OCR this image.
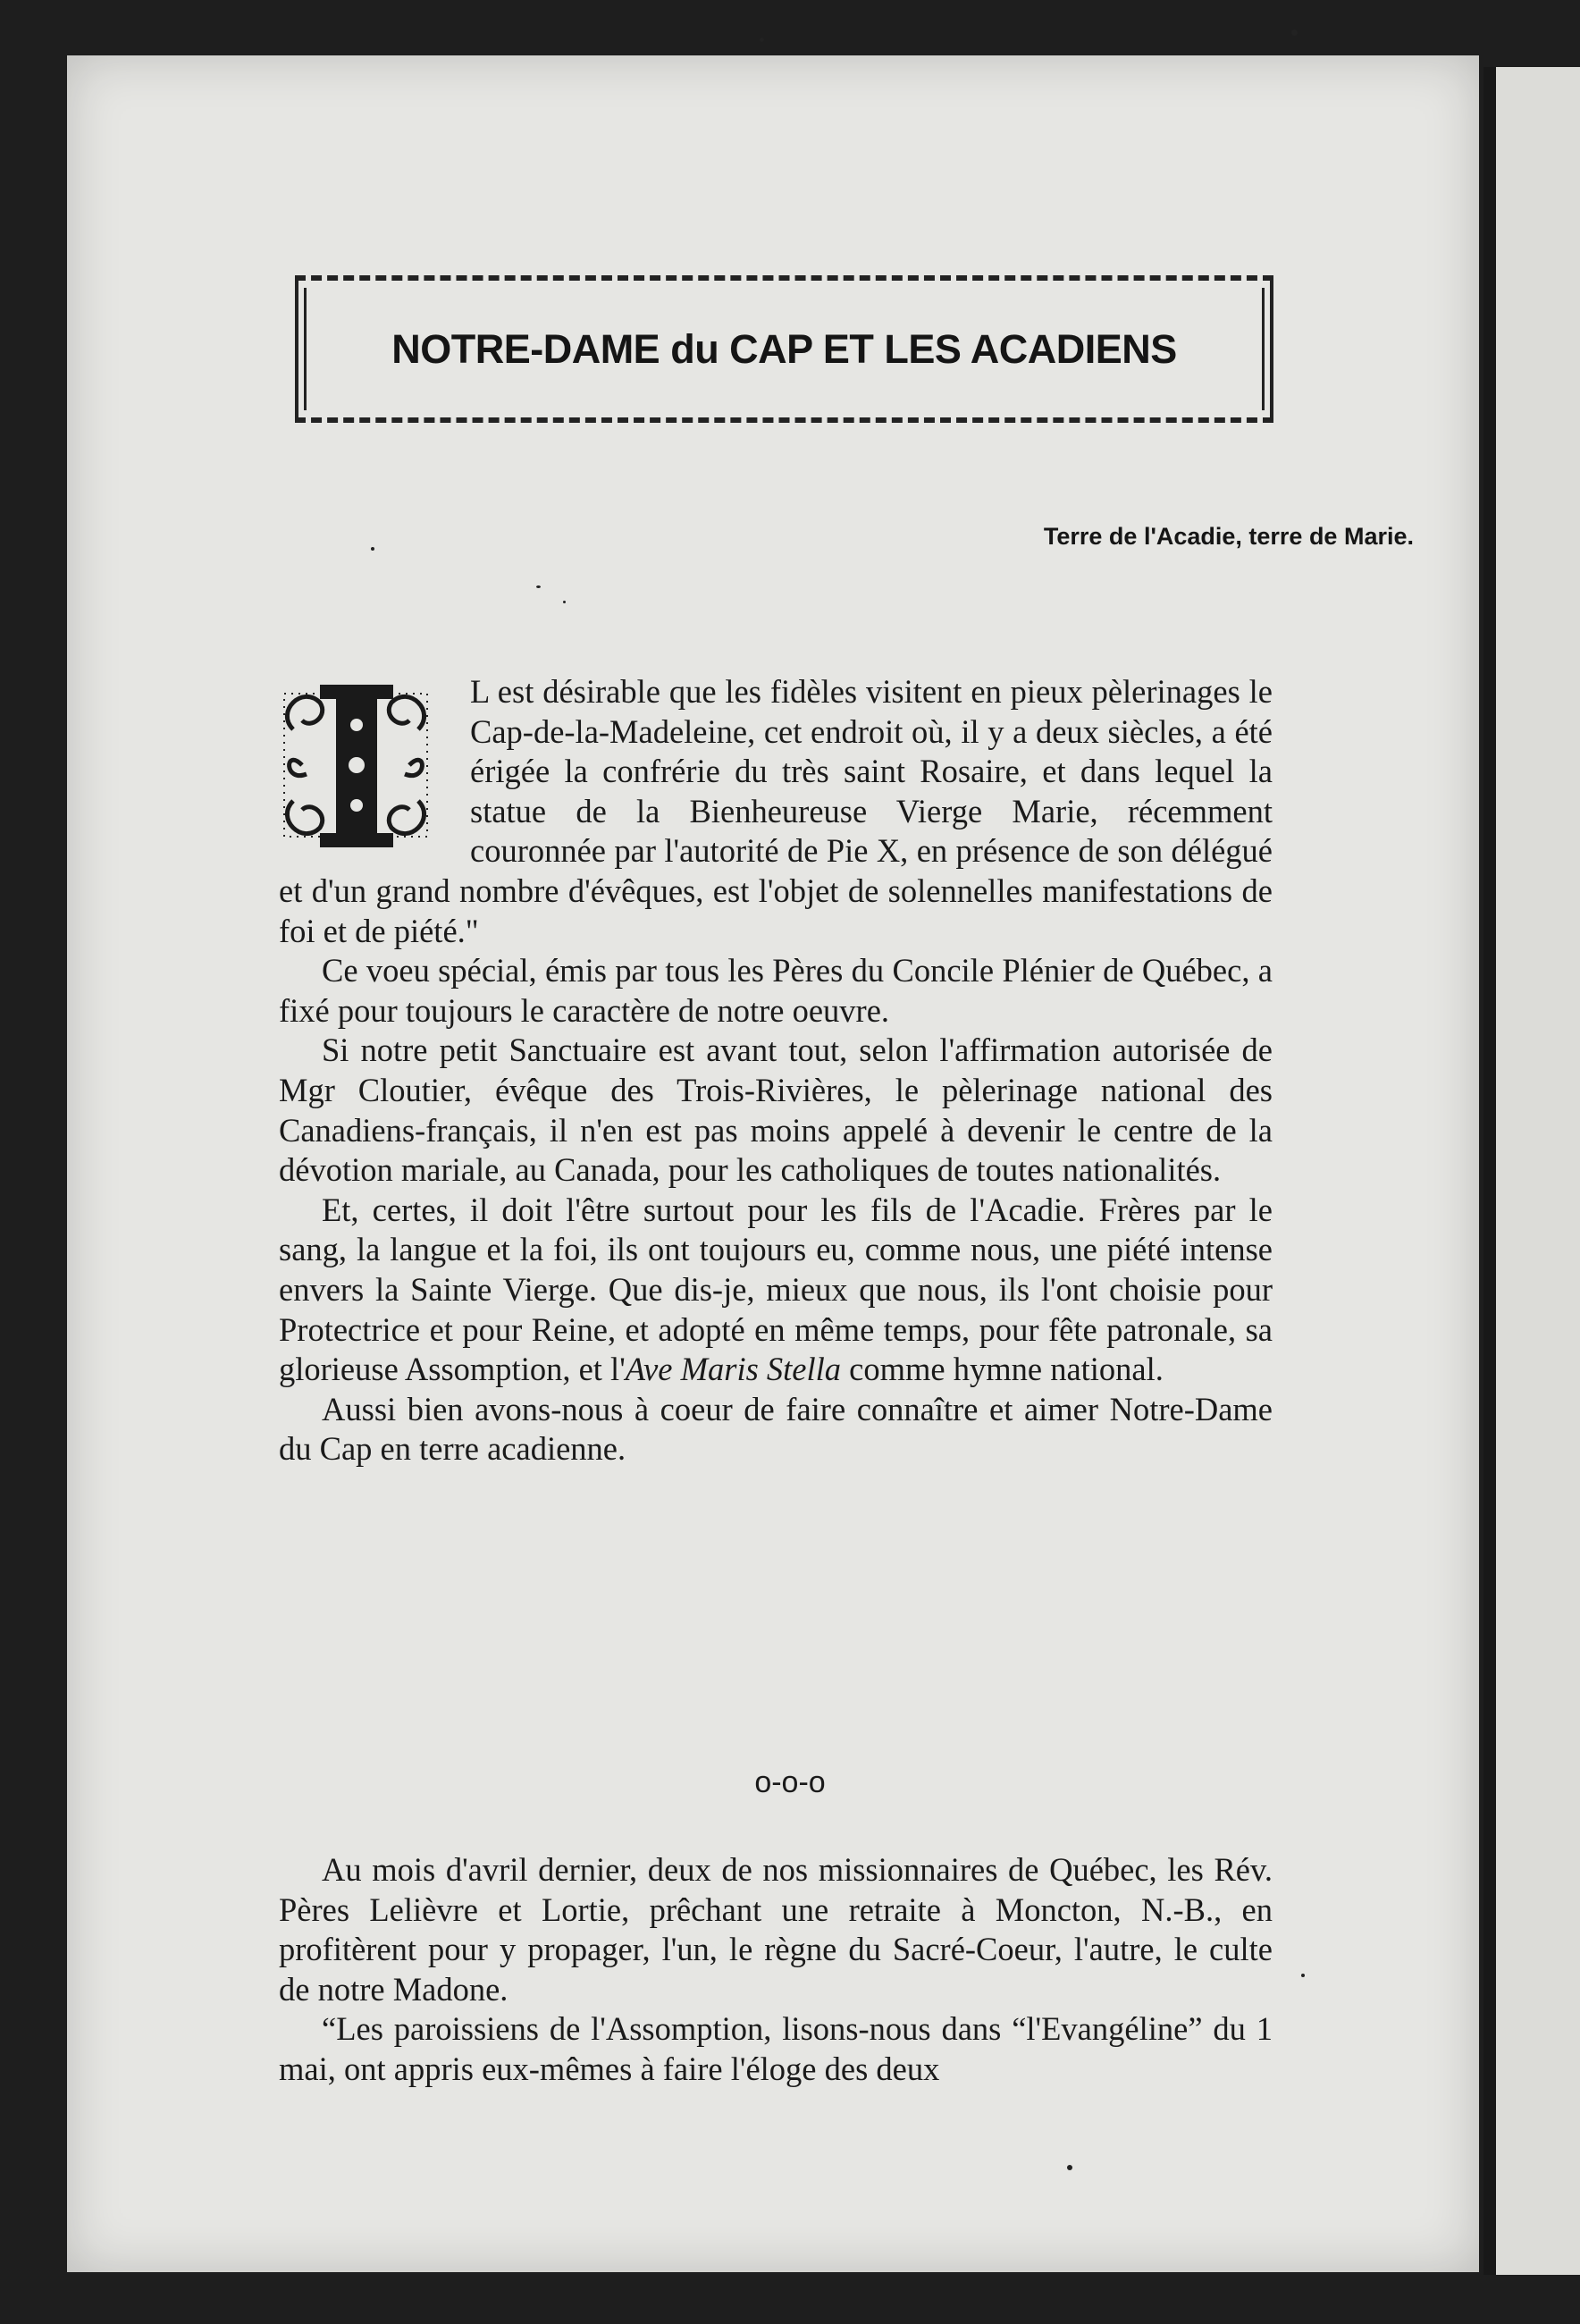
NOTRE-DAME du CAP ET LES ACADIENS
Terre de l'Acadie, terre de Marie.

L est désirable que les fidèles visitent en pieux pèlerinages le Cap-de-la-Madeleine, cet endroit où, il y a deux siècles, a été érigée la confrérie du très saint Rosaire, et dans lequel la statue de la Bienheureuse Vierge Marie, récemment couronnée par l'autorité de Pie X, en présence de son délégué et d'un grand nombre d'évêques, est l'objet de solennelles manifestations de foi et de piété."

Ce voeu spécial, émis par tous les Pères du Concile Plénier de Québec, a fixé pour toujours le caractère de notre oeuvre.

Si notre petit Sanctuaire est avant tout, selon l'affirmation autorisée de Mgr Cloutier, évêque des Trois-Rivières, le pèlerinage national des Canadiens-français, il n'en est pas moins appelé à devenir le centre de la dévotion mariale, au Canada, pour les catholiques de toutes nationalités.

Et, certes, il doit l'être surtout pour les fils de l'Acadie. Frères par le sang, la langue et la foi, ils ont toujours eu, comme nous, une piété intense envers la Sainte Vierge. Que dis-je, mieux que nous, ils l'ont choisie pour Protectrice et pour Reine, et adopté en même temps, pour fête patronale, sa glorieuse Assomption, et l'Ave Maris Stella comme hymne national.

Aussi bien avons-nous à coeur de faire connaître et aimer Notre-Dame du Cap en terre acadienne.

o-o-o

Au mois d'avril dernier, deux de nos missionnaires de Québec, les Rév. Pères Lelièvre et Lortie, prêchant une retraite à Moncton, N.-B., en profitèrent pour y propager, l'un, le règne du Sacré-Coeur, l'autre, le culte de notre Madone.

“Les paroissiens de l'Assomption, lisons-nous dans “l'Evangéline” du 1 mai, ont appris eux-mêmes à faire l'éloge des deux
